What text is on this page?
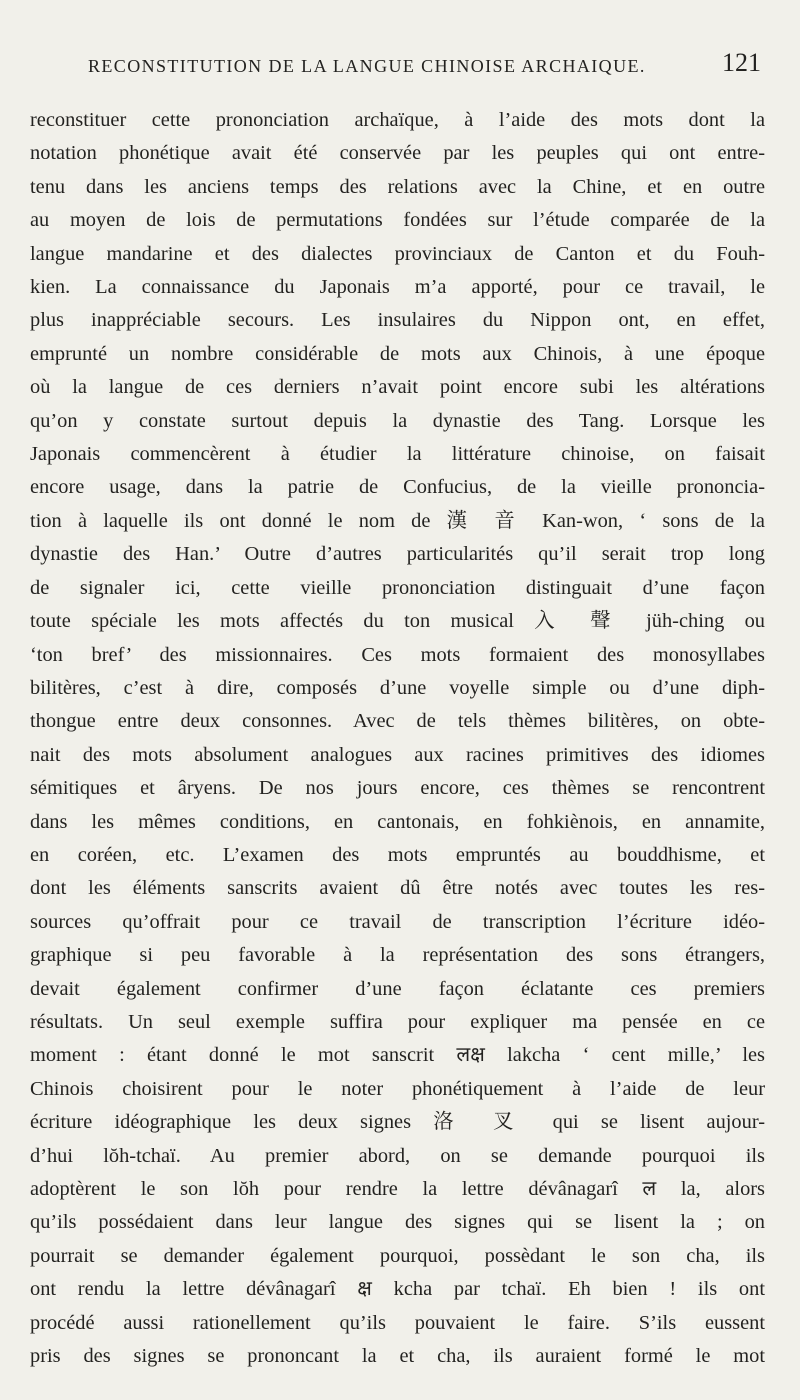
RECONSTITUTION DE LA LANGUE CHINOISE ARCHAIQUE.	121

reconstituer cette prononciation archaïque, à l’aide des mots dont la
notation phonétique avait été conservée par les peuples qui ont entre-
tenu dans les anciens temps des relations avec la Chine, et en outre
au moyen de lois de permutations fondées sur l’étude comparée de la
langue mandarine et des dialectes provinciaux de Canton et du Fouh-
kien. La connaissance du Japonais m’a apporté, pour ce travail, le
plus inappréciable secours. Les insulaires du Nippon ont, en effet,
emprunté un nombre considérable de mots aux Chinois, à une époque
où la langue de ces derniers n’avait point encore subi les altérations
qu’on y constate surtout depuis la dynastie des Tang. Lorsque les
Japonais commencèrent à étudier la littérature chinoise, on faisait
encore usage, dans la patrie de Confucius, de la vieille prononcia-
tion à laquelle ils ont donné le nom de 漢 音 Kan-won, ‘ sons de la
dynastie des Han.’ Outre d’autres particularités qu’il serait trop long
de signaler ici, cette vieille prononciation distinguait d’une façon
toute spéciale les mots affectés du ton musical 入 聲 jüh-ching ou
‘ton bref’ des missionnaires. Ces mots formaient des monosyllabes
bilitères, c’est à dire, composés d’une voyelle simple ou d’une diph-
thongue entre deux consonnes. Avec de tels thèmes bilitères, on obte-
nait des mots absolument analogues aux racines primitives des idiomes
sémitiques et âryens. De nos jours encore, ces thèmes se rencontrent
dans les mêmes conditions, en cantonais, en fohkiènois, en annamite,
en coréen, etc. L’examen des mots empruntés au bouddhisme, et
dont les éléments sanscrits avaient dû être notés avec toutes les res-
sources qu’offrait pour ce travail de transcription l’écriture idéo-
graphique si peu favorable à la représentation des sons étrangers,
devait également confirmer d’une façon éclatante ces premiers
résultats. Un seul exemple suffira pour expliquer ma pensée en ce
moment : étant donné le mot sanscrit लक्ष lakcha ‘ cent mille,’ les
Chinois choisirent pour le noter phonétiquement à l’aide de leur
écriture idéographique les deux signes 洛 叉 qui se lisent aujour-
d’hui lŏh-tchaï. Au premier abord, on se demande pourquoi ils
adoptèrent le son lŏh pour rendre la lettre dévânagarî ल la, alors
qu’ils possédaient dans leur langue des signes qui se lisent la ; on
pourrait se demander également pourquoi, possèdant le son cha, ils
ont rendu la lettre dévânagarî क्ष kcha par tchaï. Eh bien ! ils ont
procédé aussi rationellement qu’ils pouvaient le faire. S’ils eussent
pris des signes se prononcant la et cha, ils auraient formé le mot
